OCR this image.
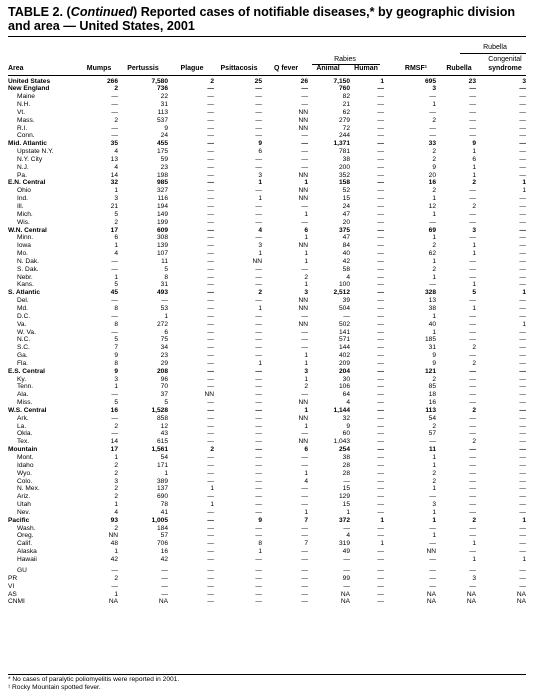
TABLE 2. (Continued) Reported cases of notifiable diseases,* by geographic division and area — United States, 2001

Rubella
Congenital
Rabies
Area	Mumps Pertussis	Plague Psittacosis Q fever	Animal Human	RMSF¹	Rubella syndrome
United States	266	7,580	2	25	26	7,150	1	695	23	3
New England	2	736	—	—	—	760	—	3	—	—
Maine	—	22	—	—	—	82	—	—	—	—
N.H.	—	31	—	—	—	21	—	1	—	—
Vt.	—	113	—	—	NN	62	—	—	—	—
Mass.	2	537	—	—	NN	279	—	2	—	—
R.I.	—	9	—	—	NN	72	—	—	—	—
Conn.	—	24	—	—	—	244	—	—	—	—
Mid. Atlantic	35	455	—	9	—	1,371	—	33	9	—
Upstate N.Y.	4	175	—	6	—	781	—	2	1	—
N.Y. City	13	59	—	—	—	38	—	2	6	—
N.J.	4	23	—	—	—	200	—	9	1	—
Pa.	14	198	—	3	NN	352	—	20	1	—
E.N. Central	32	985	—	1	1	158	—	16	2	1
Ohio	1	327	—	—	NN	52	—	2	—	1
Ind.	3	116	—	1	NN	15	—	1	—	—
Ill.	21	194	—	—	—	24	—	12	2	—
Mich.	5	149	—	—	1	47	—	1	—	—
Wis.	2	199	—	—	—	20	—	—	—	—
W.N. Central	17	609	—	4	6	375	—	69	3	—
Minn.	6	308	—	—	1	47	—	1	—	—
Iowa	1	139	—	3	NN	84	—	2	1	—
Mo.	4	107	—	1	1	40	—	62	1	—
N. Dak.	—	11	—	NN	1	42	—	1	—	—
S. Dak.	—	5	—	—	—	58	—	2	—	—
Nebr.	1	8	—	—	2	4	—	1	—	—
Kans.	5	31	—	—	1	100	—	—	1	—
S. Atlantic	45	493	—	2	3	2,512	—	328	5	1
Del.	—	—	—	—	NN	39	—	13	—	—
Md.	8	53	—	1	NN	504	—	38	1	—
D.C.	—	1	—	—	—	—	—	1	—	—
Va.	8	272	—	—	NN	502	—	40	—	1
W. Va.	—	6	—	—	—	141	—	1	—	—
N.C.	5	75	—	—	—	571	—	185	—	—
S.C.	7	34	—	—	—	144	—	31	2	—
Ga.	9	23	—	—	1	402	—	9	—	—
Fla.	8	29	—	1	1	209	—	9	2	—
E.S. Central	9	208	—	—	3	204	—	121	—	—
Ky.	3	96	—	—	1	30	—	2	—	—
Tenn.	1	70	—	—	2	106	—	85	—	—
Ala.	—	37	NN	—	—	64	—	18	—	—
Miss.	5	5	—	—	NN	4	—	16	—	—
W.S. Central	16	1,528	—	—	1	1,144	—	113	2	—
Ark.	—	858	—	—	NN	32	—	54	—	—
La.	2	12	—	—	1	9	—	2	—	—
Okla.	—	43	—	—	—	60	—	57	—	—
Tex.	14	615	—	—	NN	1,043	—	—	2	—
Mountain	17	1,561	2	—	6	254	—	11	—	—
Mont.	1	54	—	—	—	38	—	1	—	—
Idaho	2	171	—	—	—	28	—	1	—	—
Wyo.	2	1	—	—	1	28	—	2	—	—
Colo.	3	389	—	—	4	—	—	2	—	—
N. Mex.	2	137	1	—	—	15	—	1	—	—
Ariz.	2	690	—	—	—	129	—	—	—	—
Utah	1	78	1	—	—	15	—	3	—	—
Nev.	4	41	—	—	1	1	—	1	—	—
Pacific	93	1,005	—	9	7	372	1	1	2	1
Wash.	2	184	—	—	—	—	—	—	—	—
Oreg.	NN	57	—	—	—	4	—	1	—	—
Calif.	48	706	—	8	7	319	1	—	1	—
Alaska	1	16	—	1	—	49	—	NN	—	—
Hawaii	42	42	—	—	—	—	—	—	1	1

GU	—	—	—	—	—	—	—	—	—	—
PR	2	—	—	—	—	99	—	—	3	—
VI	—	—	—	—	—	—	—	—	—	—
AS	1	—	—	—	—	NA	—	NA	NA	NA
CNMI	NA	NA	—	—	—	NA	—	NA	NA	NA
* No cases of paralytic poliomyelitis were reported in 2001.
¹ Rocky Mountain spotted fever.
